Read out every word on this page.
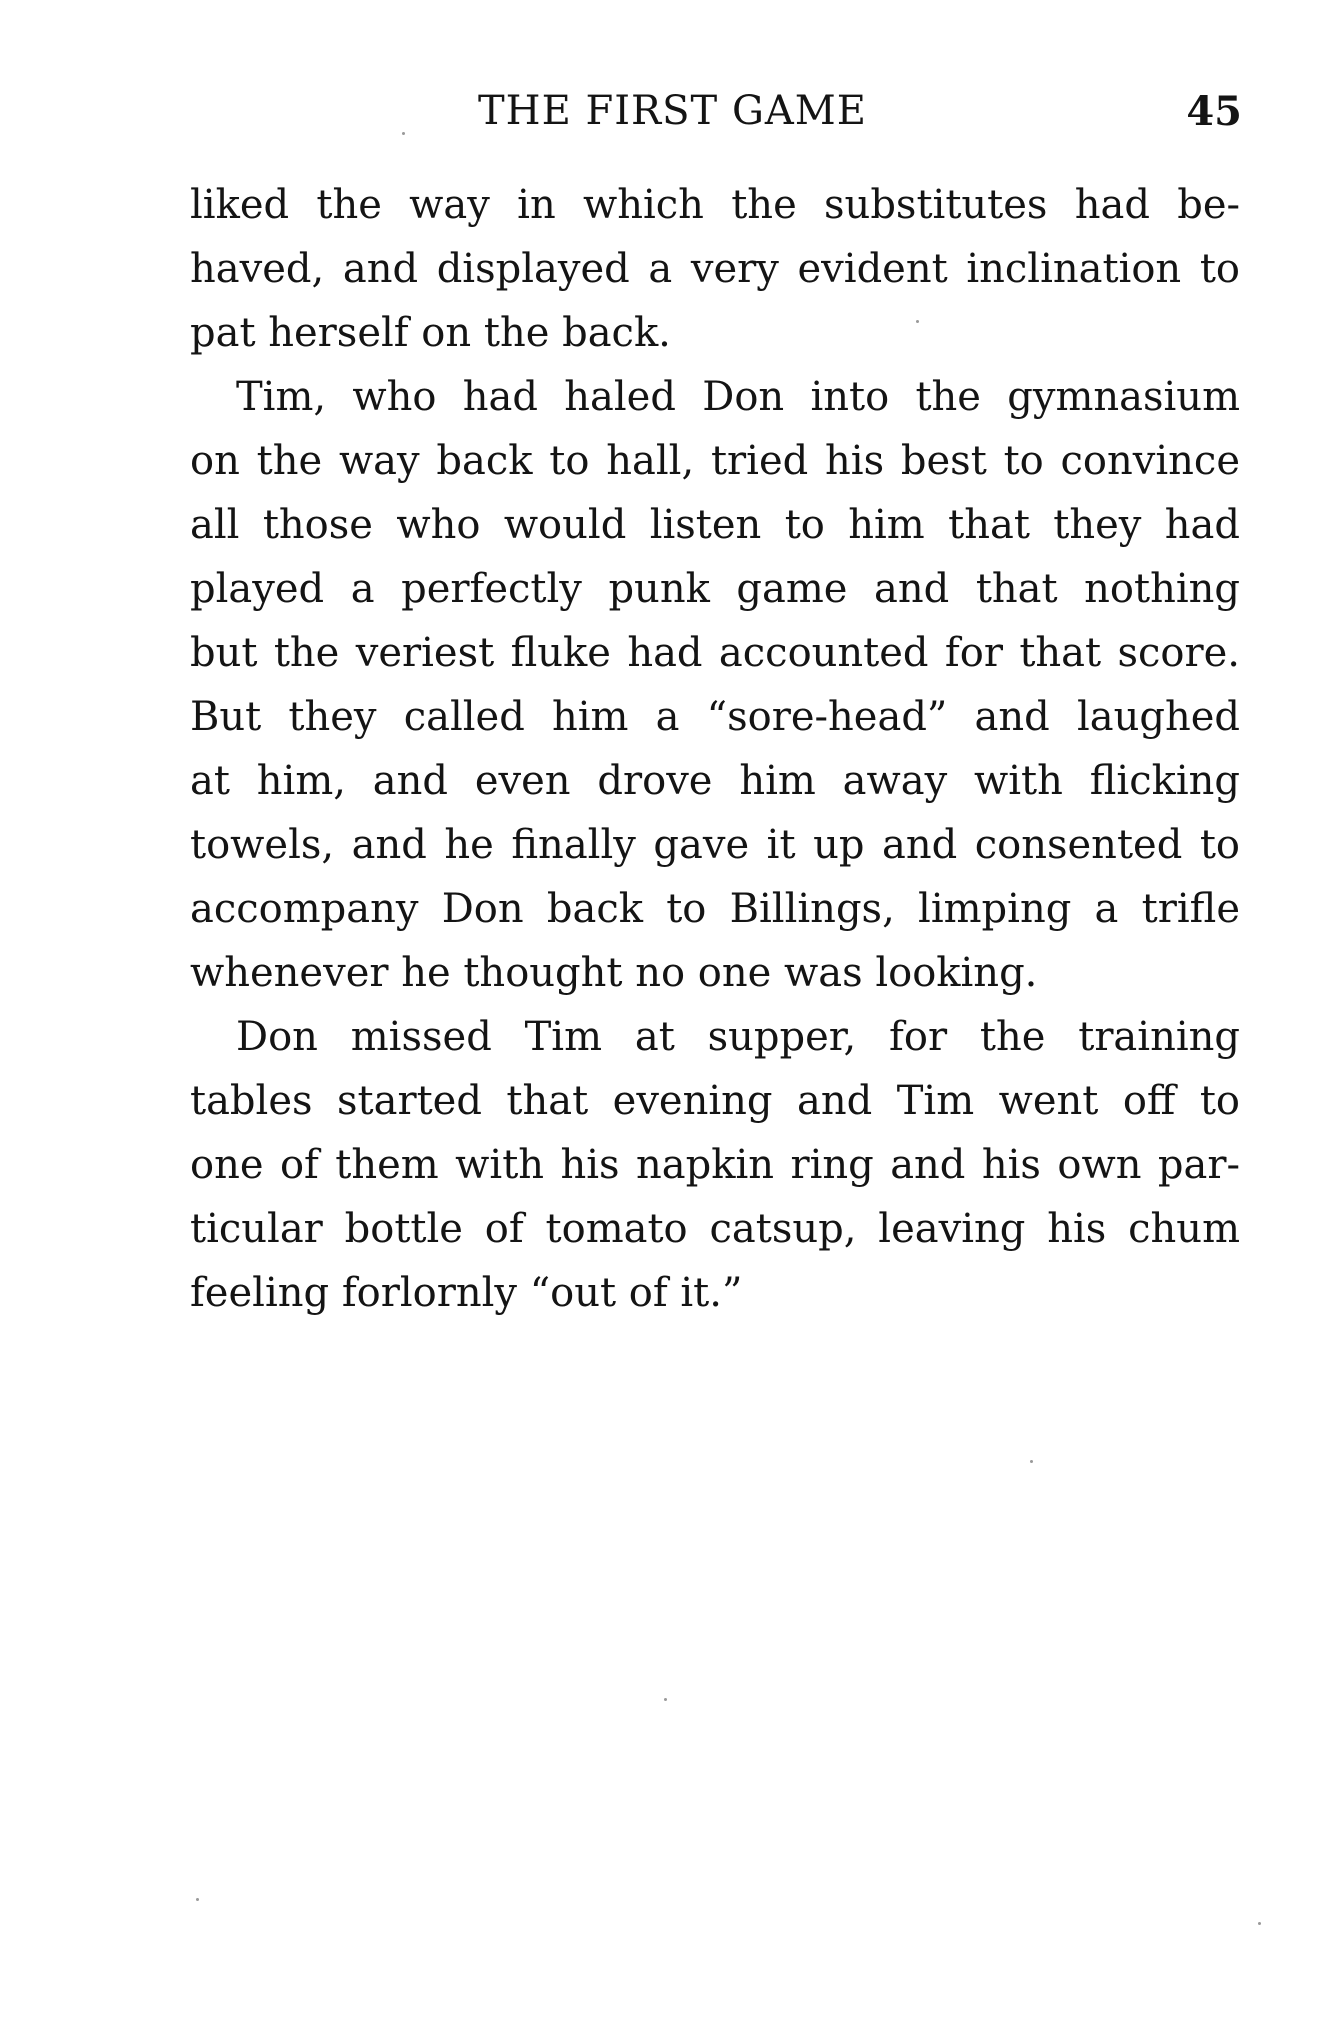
THE FIRST GAME	45
liked the way in which the substitutes had be-
haved, and displayed a very evident inclination to
pat herself on the back.
Tim, who had haled Don into the gymnasium
on the way back to hall, tried his best to convince
all those who would listen to him that they had
played a perfectly punk game and that nothing
but the veriest fluke had accounted for that score.
But they called him a “sore-head” and laughed
at him, and even drove him away with flicking
towels, and he finally gave it up and consented to
accompany Don back to Billings, limping a trifle
whenever he thought no one was looking.
Don missed Tim at supper, for the training
tables started that evening and Tim went off to
one of them with his napkin ring and his own par-
ticular bottle of tomato catsup, leaving his chum
feeling forlornly “out of it.”
